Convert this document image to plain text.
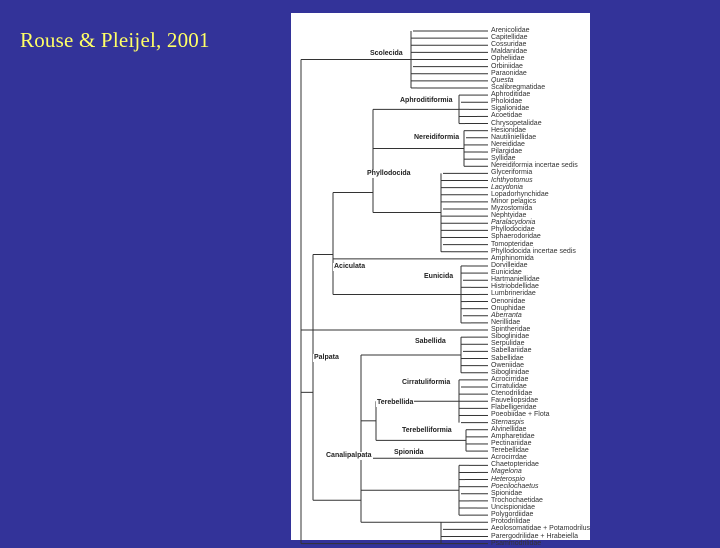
Rouse & Pleijel, 2001	Arenicolidae
Capitellidae
Cossuridae
Maldanidae
Opheliidae
Orbiniidae
Paraonidae
Questa
Scalibregmatidae
Aphroditidae
Pholoidae
Sigalionidae
Acoetidae
Chrysopetalidae
Hesionidae
Nautiliniellidae
Nereididae
Pilargidae
Syllidae
Nereidiformia incertae sedis
Glyceriformia
Ichthyotomus
Lacydonia
Lopadorhynchidae
Minor pelagics
Myzostomida
Nephtyidae
Paralacydonia
Phyllodocidae
Sphaerodoridae
Tomopteridae
Phyllodocida incertae sedis
Amphinomida
Dorvilleidae
Eunicidae
Hartmaniellidae
Histriobdellidae
Lumbrineridae
Oenonidae
Onuphidae
Aberranta
Nerillidae
Spintheridae
Siboglinidae
Serpulidae
Sabellariidae
Sabellidae
Oweniidae
Siboglinidae
Acrocirridae
Cirratulidae
Ctenodrilidae
Fauveliopsidae
Flabelligeridae
Poeobiidae + Flota
Sternaspis
Alvinellidae
Ampharetidae
Pectinariidae
Terebellidae
Acrocirrdae
Chaetopteridae
Magelona
Heterospio
Poecilochaetus
Spionidae
Trochochaetidae
Uncispionidae
Polygordiidae
Protodrilidae
Aeolosomatidae + Potamodrilus
Parergodrilidae + Hrabeiella
Psammodrilidae
Scolecida
Aphroditiformia
Nereidiformia
Phyllodocida
Aciculata
Eunicida
Sabellida
Palpata
Cirratuliformia
Terebellida
Terebelliformia
Canalipalpata	Spionida
